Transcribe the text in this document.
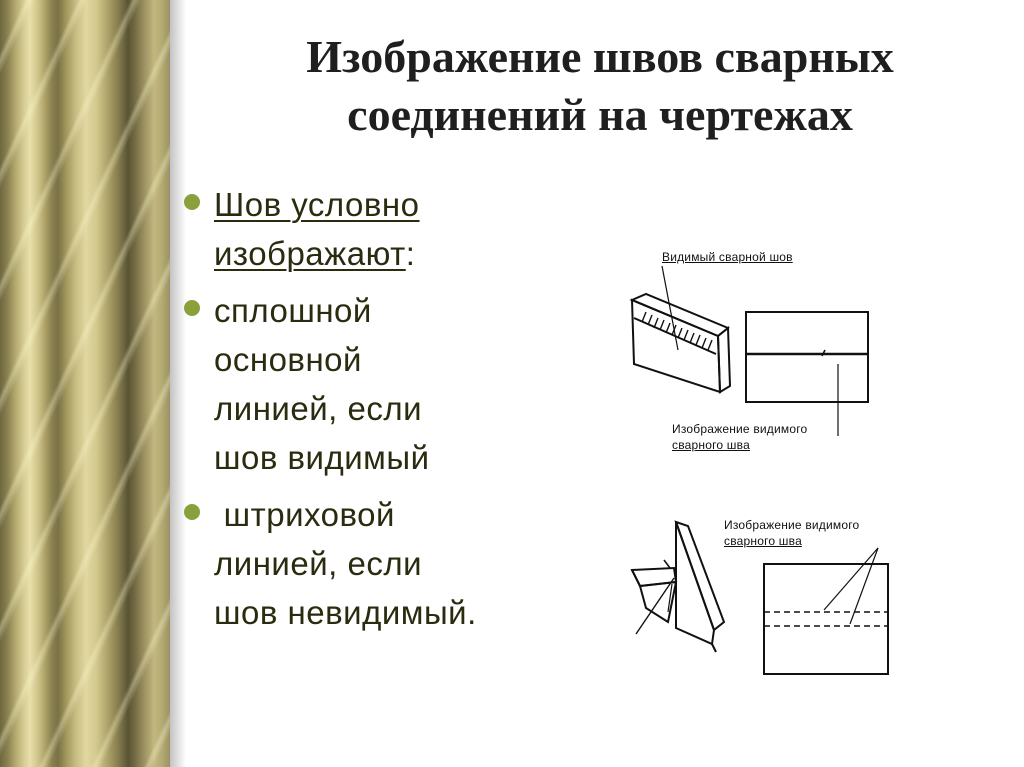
Изображение швов сварных
соединений на чертежах
Шов условно
изображают:
сплошной
основной
линией, если
шов видимый
штриховой
линией, если
шов невидимый.
Видимый сварной шов
Изображение видимого
сварного шва
Изображение видимого
сварного шва
